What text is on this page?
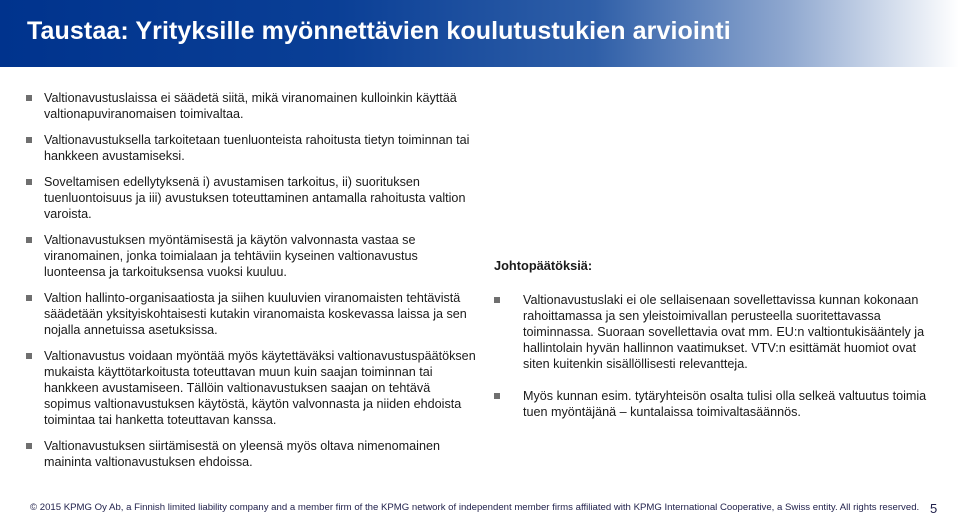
Taustaa: Yrityksille myönnettävien koulutustukien arviointi
Valtionavustuslaissa ei säädetä siitä, mikä viranomainen kulloinkin käyttää valtionapuviranomaisen toimivaltaa.
Valtionavustuksella tarkoitetaan tuenluonteista rahoitusta tietyn toiminnan tai hankkeen avustamiseksi.
Soveltamisen edellytyksenä i) avustamisen tarkoitus, ii) suorituksen tuenluontoisuus ja iii) avustuksen toteuttaminen antamalla rahoitusta valtion varoista.
Valtionavustuksen myöntämisestä ja käytön valvonnasta vastaa se viranomainen, jonka toimialaan ja tehtäviin kyseinen valtionavustus luonteensa ja tarkoituksensa vuoksi kuuluu.
Valtion hallinto-organisaatiosta ja siihen kuuluvien viranomaisten tehtävistä säädetään yksityiskohtaisesti kutakin viranomaista koskevassa laissa ja sen nojalla annetuissa asetuksissa.
Valtionavustus voidaan myöntää myös käytettäväksi valtionavustuspäätöksen mukaista käyttötarkoitusta toteuttavan muun kuin saajan toiminnan tai hankkeen avustamiseen. Tällöin valtionavustuksen saajan on tehtävä sopimus valtionavustuksen käytöstä, käytön valvonnasta ja niiden ehdoista toimintaa tai hanketta toteuttavan kanssa.
Valtionavustuksen siirtämisestä on yleensä myös oltava nimenomainen maininta valtionavustuksen ehdoissa.
Johtopäätöksiä:
Valtionavustuslaki ei ole sellaisenaan sovellettavissa kunnan kokonaan rahoittamassa ja sen yleistoimivallan perusteella suoritettavassa toiminnassa. Suoraan sovellettavia ovat mm. EU:n valtiontukisääntely ja hallintolain hyvän hallinnon vaatimukset. VTV:n esittämät huomiot ovat siten kuitenkin sisällöllisesti relevantteja.
Myös kunnan esim. tytäryhteisön osalta tulisi olla selkeä valtuutus toimia tuen myöntäjänä – kuntalaissa toimivaltasäännös.
© 2015 KPMG Oy Ab, a Finnish limited liability company and a member firm of the KPMG network of independent member firms affiliated with KPMG International Cooperative, a Swiss entity. All rights reserved. 5
